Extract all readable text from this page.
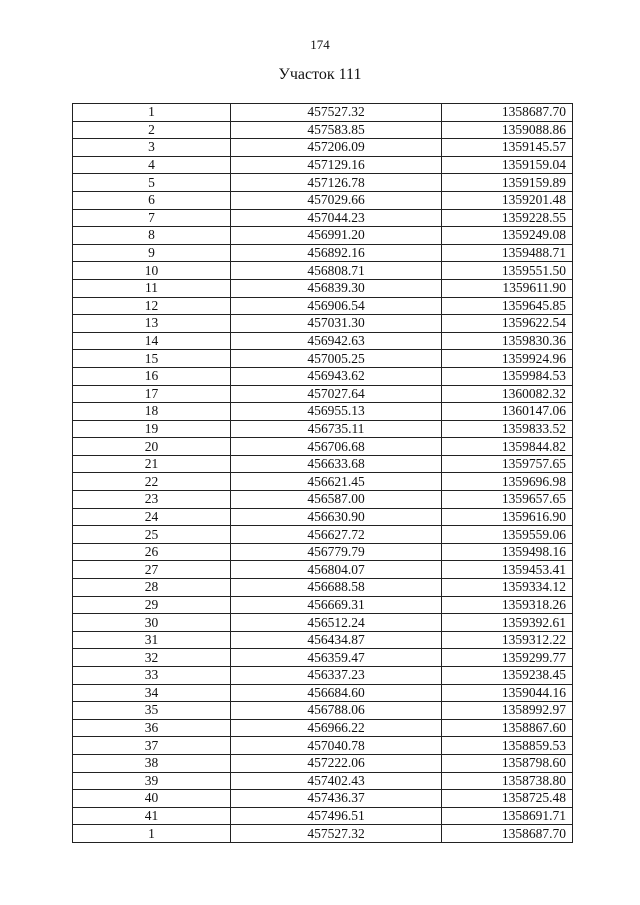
174
Участок 111
1	457527.32	1358687.70
2	457583.85	1359088.86
3	457206.09	1359145.57
4	457129.16	1359159.04
5	457126.78	1359159.89
6	457029.66	1359201.48
7	457044.23	1359228.55
8	456991.20	1359249.08
9	456892.16	1359488.71
10	456808.71	1359551.50
11	456839.30	1359611.90
12	456906.54	1359645.85
13	457031.30	1359622.54
14	456942.63	1359830.36
15	457005.25	1359924.96
16	456943.62	1359984.53
17	457027.64	1360082.32
18	456955.13	1360147.06
19	456735.11	1359833.52
20	456706.68	1359844.82
21	456633.68	1359757.65
22	456621.45	1359696.98
23	456587.00	1359657.65
24	456630.90	1359616.90
25	456627.72	1359559.06
26	456779.79	1359498.16
27	456804.07	1359453.41
28	456688.58	1359334.12
29	456669.31	1359318.26
30	456512.24	1359392.61
31	456434.87	1359312.22
32	456359.47	1359299.77
33	456337.23	1359238.45
34	456684.60	1359044.16
35	456788.06	1358992.97
36	456966.22	1358867.60
37	457040.78	1358859.53
38	457222.06	1358798.60
39	457402.43	1358738.80
40	457436.37	1358725.48
41	457496.51	1358691.71
1	457527.32	1358687.70
